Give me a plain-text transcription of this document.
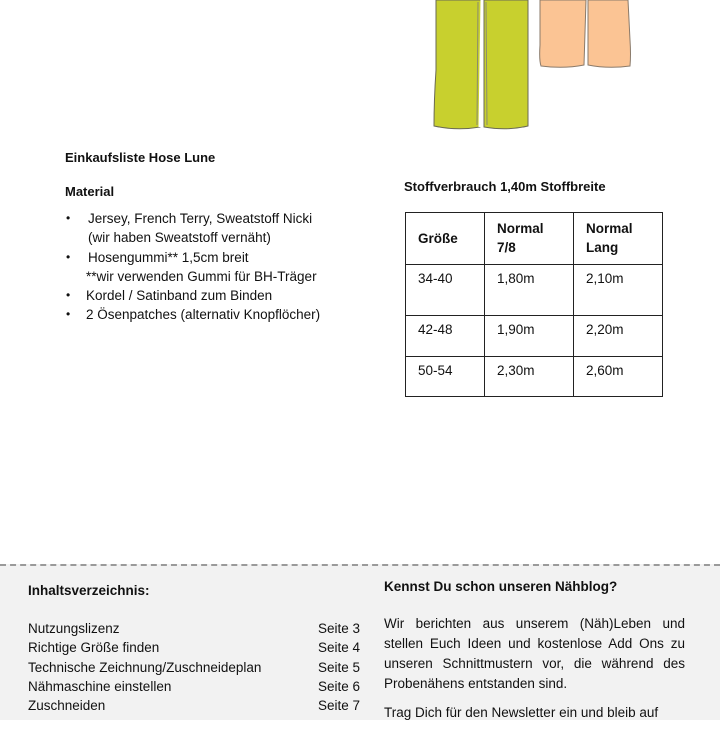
Einkaufsliste Hose Lune
Material
• Jersey, French Terry, Sweatstoff Nicki
(wir haben Sweatstoff vernäht)
• Hosengummi** 1,5cm breit
**wir verwenden Gummi für BH-Träger
• Kordel / Satinband zum Binden
• 2 Ösenpatches (alternativ Knopflöcher)
Stoffverbrauch 1,40m Stoffbreite
Größe	Normal 7/8	Normal Lang

34-40	1,80m	2,10m

42-48	1,90m	2,20m

50-54	2,30m	2,60m
Inhaltsverzeichnis:
Nutzungslizenz	Seite 3
Richtige Größe finden	Seite 4
Technische Zeichnung/Zuschneideplan	Seite 5
Nähmaschine einstellen	Seite 6
Zuschneiden	Seite 7
Kennst Du schon unseren Nähblog?

Wir berichten aus unserem (Näh)Leben und stellen Euch Ideen und kostenlose Add Ons zu unseren Schnittmustern vor, die während des Probenähens entstanden sind.

Trag Dich für den Newsletter ein und bleib auf
